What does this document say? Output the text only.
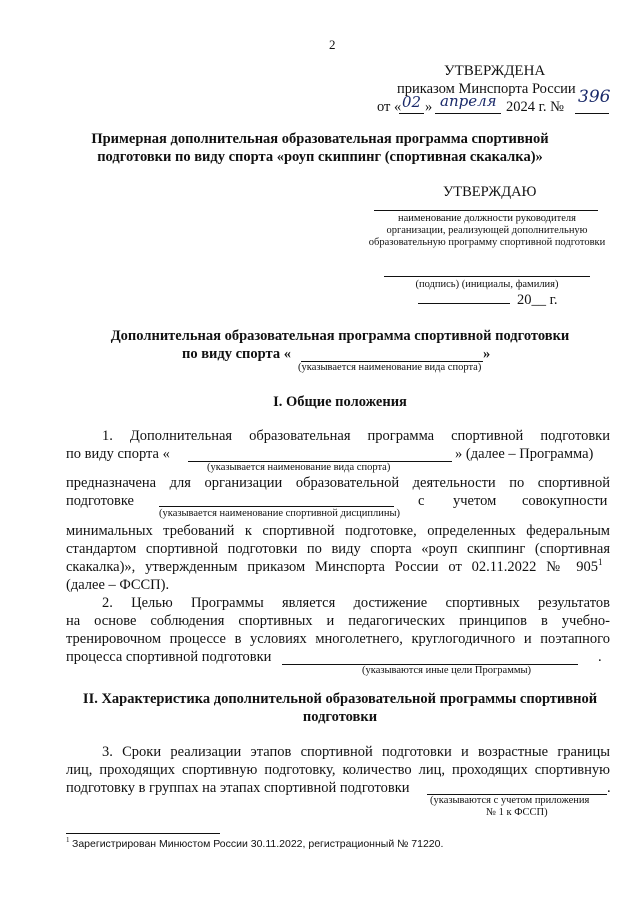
2
УТВЕРЖДЕНА
приказом Минспорта России
от « 02 » апреля 2024 г. № 396
Примерная дополнительная образовательная программа спортивной
подготовки по виду спорта «роуп скиппинг (спортивная скакалка)»
УТВЕРЖДАЮ
наименование должности руководителя
организации, реализующей дополнительную
образовательную программу спортивной подготовки
(подпись) (инициалы, фамилия)
20__ г.
Дополнительная образовательная программа спортивной подготовки
по виду спорта «	»
(указывается наименование вида спорта)
I. Общие положения
1. Дополнительная образовательная программа спортивной подготовки
по виду спорта «	» (далее – Программа)
(указывается наименование вида спорта)
предназначена для организации образовательной деятельности по спортивной
подготовке	с учетом совокупности
(указывается наименование спортивной дисциплины)
минимальных требований к спортивной подготовке, определенных федеральным
стандартом спортивной подготовки по виду спорта «роуп скиппинг (спортивная
скакалка)», утвержденным приказом Минспорта России от 02.11.2022 № 905 1
(далее – ФССП).
2. Целью Программы является достижение спортивных результатов
на основе соблюдения спортивных и педагогических принципов в учебно-
тренировочном процессе в условиях многолетнего, круглогодичного и поэтапного
процесса спортивной подготовки	.
(указываются иные цели Программы)
II. Характеристика дополнительной образовательной программы спортивной
подготовки
3. Сроки реализации этапов спортивной подготовки и возрастные границы
лиц, проходящих спортивную подготовку, количество лиц, проходящих спортивную
подготовку в группах на этапах спортивной подготовки	.
(указываются с учетом приложения
№ 1 к ФССП)
1 Зарегистрирован Минюстом России 30.11.2022, регистрационный № 71220.
